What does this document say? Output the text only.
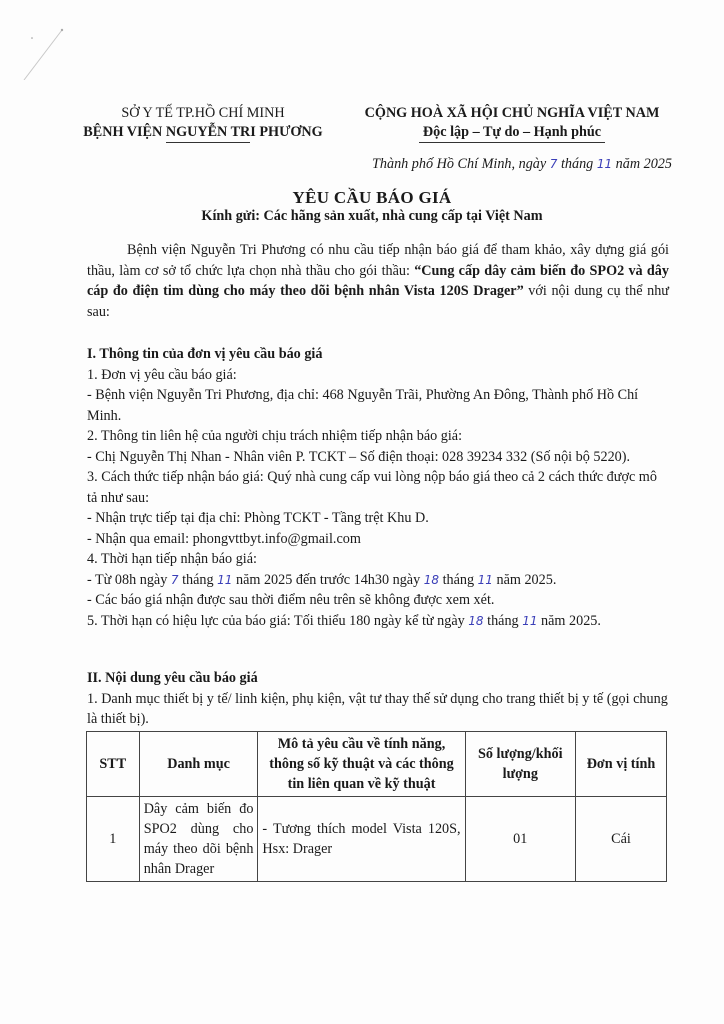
SỞ Y TẾ TP.HỒ CHÍ MINH
BỆNH VIỆN NGUYỄN TRI PHƯƠNG
CỘNG HOÀ XÃ HỘI CHỦ NGHĨA VIỆT NAM
Độc lập – Tự do – Hạnh phúc
Thành phố Hồ Chí Minh, ngày 7 tháng 11 năm 2025
YÊU CẦU BÁO GIÁ
Kính gửi: Các hãng sản xuất, nhà cung cấp tại Việt Nam
Bệnh viện Nguyễn Tri Phương có nhu cầu tiếp nhận báo giá để tham khảo, xây dựng giá gói thầu, làm cơ sở tổ chức lựa chọn nhà thầu cho gói thầu: “Cung cấp dây cảm biến đo SPO2 và dây cáp đo điện tim dùng cho máy theo dõi bệnh nhân Vista 120S Drager” với nội dung cụ thể như sau:

I. Thông tin của đơn vị yêu cầu báo giá

1. Đơn vị yêu cầu báo giá:

- Bệnh viện Nguyễn Tri Phương, địa chỉ: 468 Nguyễn Trãi, Phường An Đông, Thành phố Hồ Chí Minh.

2. Thông tin liên hệ của người chịu trách nhiệm tiếp nhận báo giá:

- Chị Nguyễn Thị Nhan - Nhân viên P. TCKT – Số điện thoại: 028 39234 332 (Số nội bộ 5220).

3. Cách thức tiếp nhận báo giá: Quý nhà cung cấp vui lòng nộp báo giá theo cả 2 cách thức được mô tả như sau:

- Nhận trực tiếp tại địa chỉ: Phòng TCKT - Tầng trệt Khu D.

- Nhận qua email: phongvttbyt.info@gmail.com

4. Thời hạn tiếp nhận báo giá:

- Từ 08h ngày 7 tháng 11 năm 2025 đến trước 14h30 ngày 18 tháng 11 năm 2025.

- Các báo giá nhận được sau thời điểm nêu trên sẽ không được xem xét.

5. Thời hạn có hiệu lực của báo giá: Tối thiểu 180 ngày kể từ ngày 18 tháng 11 năm 2025.

II. Nội dung yêu cầu báo giá

1. Danh mục thiết bị y tế/ linh kiện, phụ kiện, vật tư thay thế sử dụng cho trang thiết bị y tế (gọi chung là thiết bị).

STT	Danh mục	Mô tả yêu cầu về tính năng, thông số kỹ thuật và các thông tin liên quan về kỹ thuật	Số lượng/khối lượng	Đơn vị tính
1	Dây cảm biến đo SPO2 dùng cho máy theo dõi bệnh nhân Drager	- Tương thích model Vista 120S, Hsx: Drager	01	Cái
